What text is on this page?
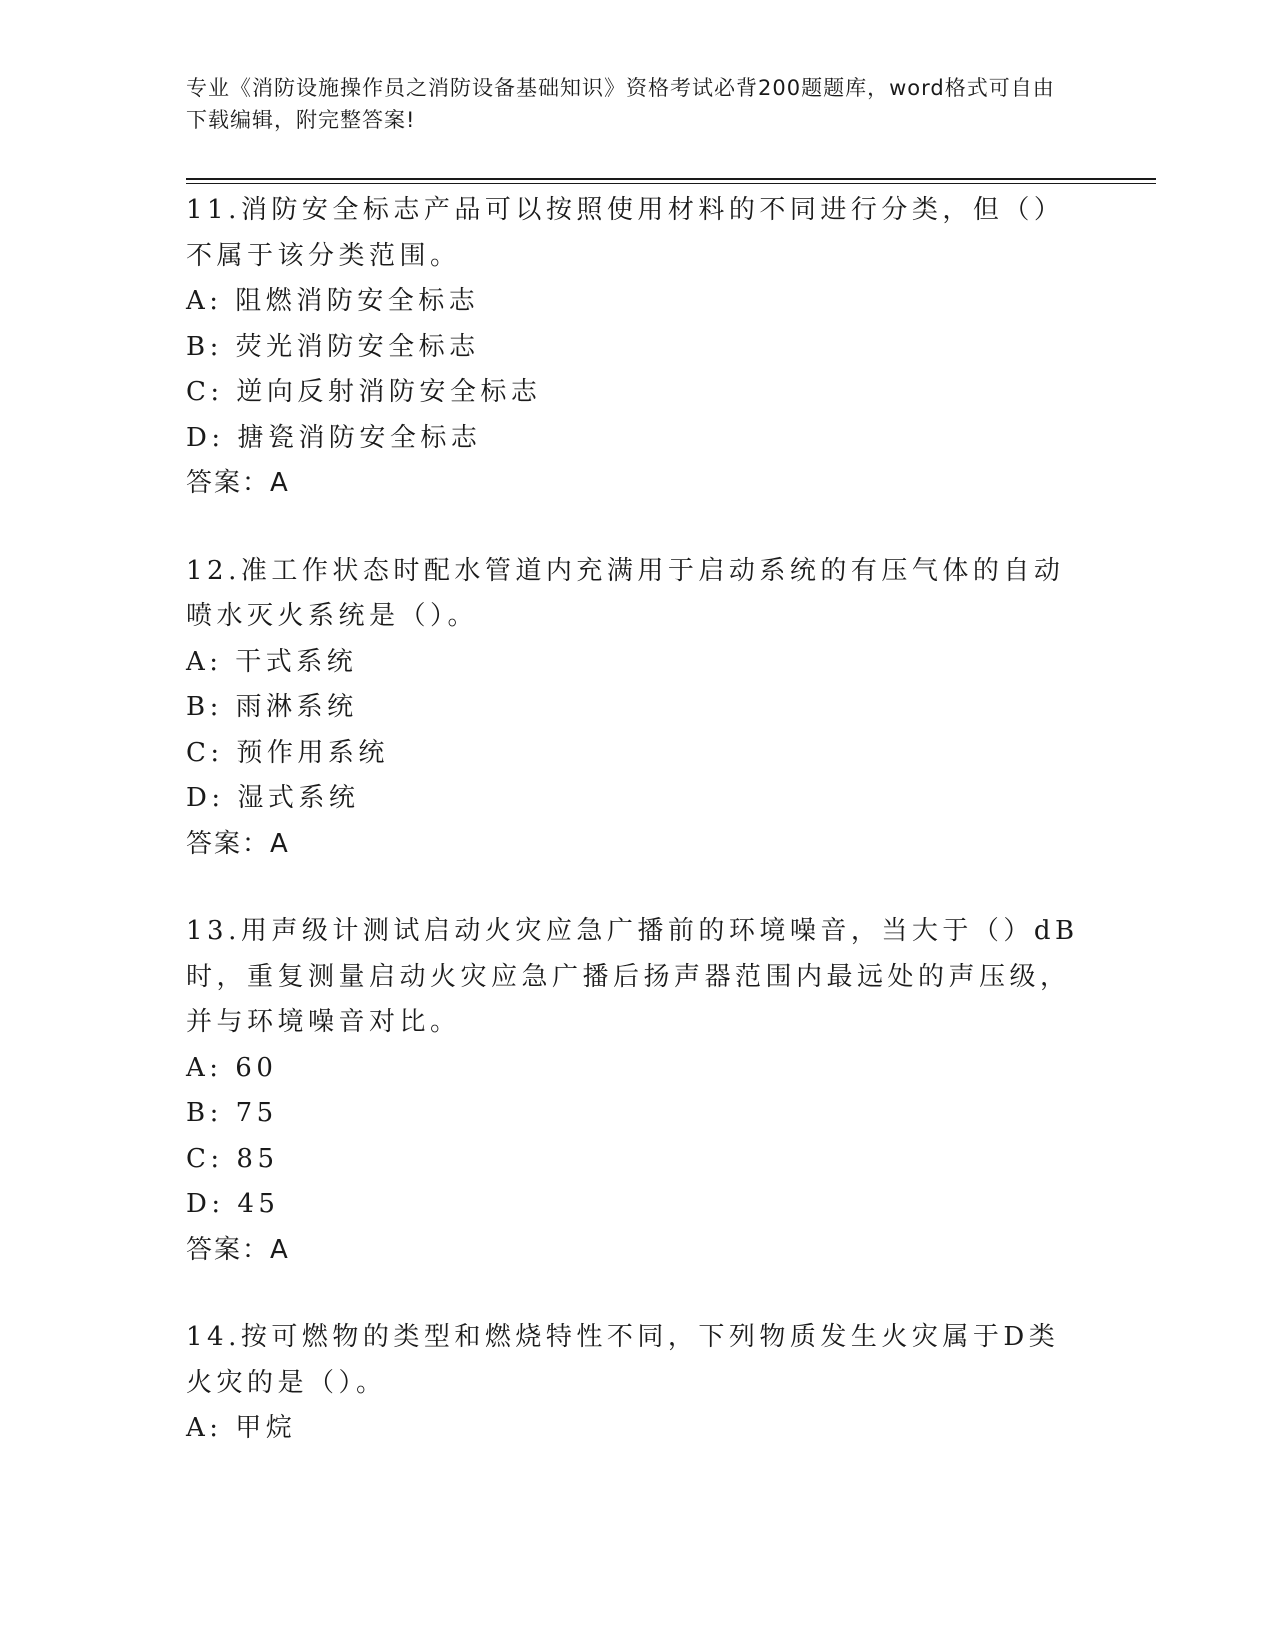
专业《消防设施操作员之消防设备基础知识》资格考试必背200题题库，word格式可自由下载编辑，附完整答案!
11.消防安全标志产品可以按照使用材料的不同进行分类，但（）不属于该分类范围。
A: 阻燃消防安全标志
B: 荧光消防安全标志
C: 逆向反射消防安全标志
D: 搪瓷消防安全标志
答案：A
12.准工作状态时配水管道内充满用于启动系统的有压气体的自动喷水灭火系统是（）。
A: 干式系统
B: 雨淋系统
C: 预作用系统
D: 湿式系统
答案：A
13.用声级计测试启动火灾应急广播前的环境噪音，当大于（）dB时，重复测量启动火灾应急广播后扬声器范围内最远处的声压级，并与环境噪音对比。
A: 60
B: 75
C: 85
D: 45
答案：A
14.按可燃物的类型和燃烧特性不同，下列物质发生火灾属于D类火灾的是（）。
A: 甲烷
